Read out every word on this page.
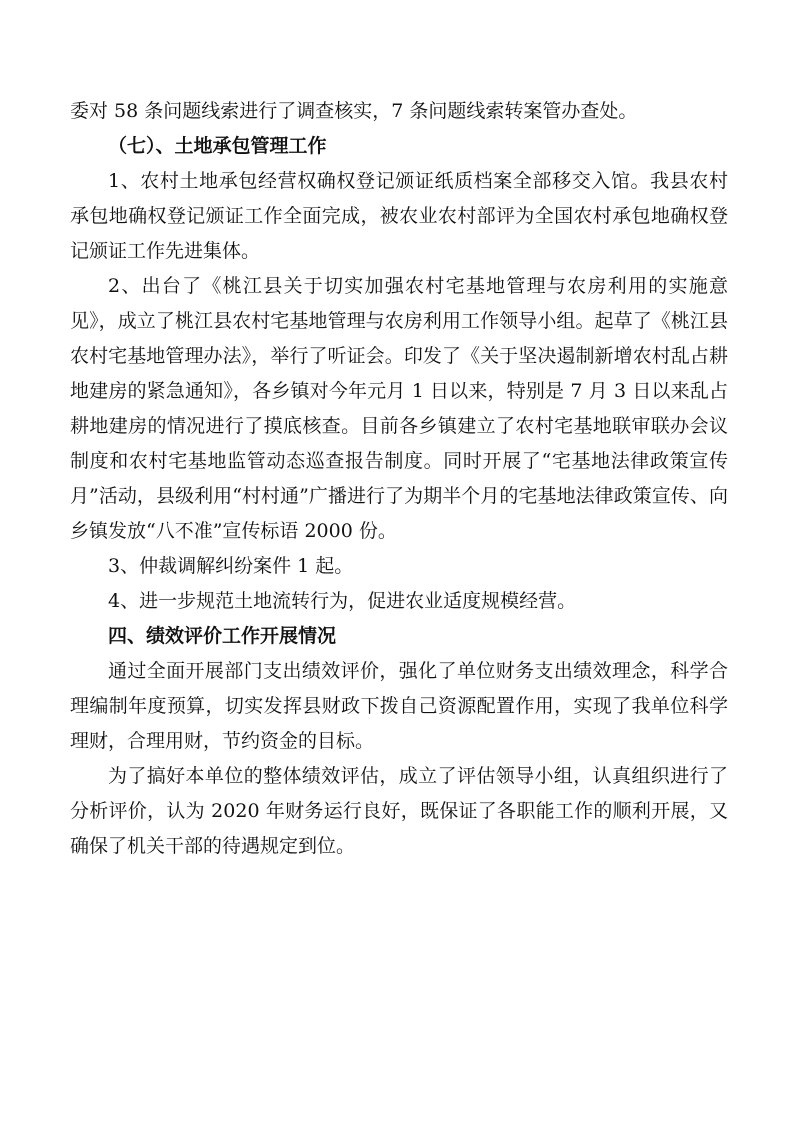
委对 58 条问题线索进行了调查核实，7 条问题线索转案管办查处。

（七）、土地承包管理工作

1、农村土地承包经营权确权登记颁证纸质档案全部移交入馆。我县农村承包地确权登记颁证工作全面完成，被农业农村部评为全国农村承包地确权登记颁证工作先进集体。

2、出台了《桃江县关于切实加强农村宅基地管理与农房利用的实施意见》，成立了桃江县农村宅基地管理与农房利用工作领导小组。起草了《桃江县农村宅基地管理办法》，举行了听证会。印发了《关于坚决遏制新增农村乱占耕地建房的紧急通知》，各乡镇对今年元月 1 日以来，特别是 7 月 3 日以来乱占耕地建房的情况进行了摸底核查。目前各乡镇建立了农村宅基地联审联办会议制度和农村宅基地监管动态巡查报告制度。同时开展了“宅基地法律政策宣传月”活动，县级利用“村村通”广播进行了为期半个月的宅基地法律政策宣传、向乡镇发放“八不准”宣传标语 2000 份。

3、仲裁调解纠纷案件 1 起。

4、进一步规范土地流转行为，促进农业适度规模经营。

四、绩效评价工作开展情况

通过全面开展部门支出绩效评价，强化了单位财务支出绩效理念，科学合理编制年度预算，切实发挥县财政下拨自己资源配置作用，实现了我单位科学理财，合理用财，节约资金的目标。

为了搞好本单位的整体绩效评估，成立了评估领导小组，认真组织进行了分析评价，认为 2020 年财务运行良好，既保证了各职能工作的顺利开展，又确保了机关干部的待遇规定到位。
